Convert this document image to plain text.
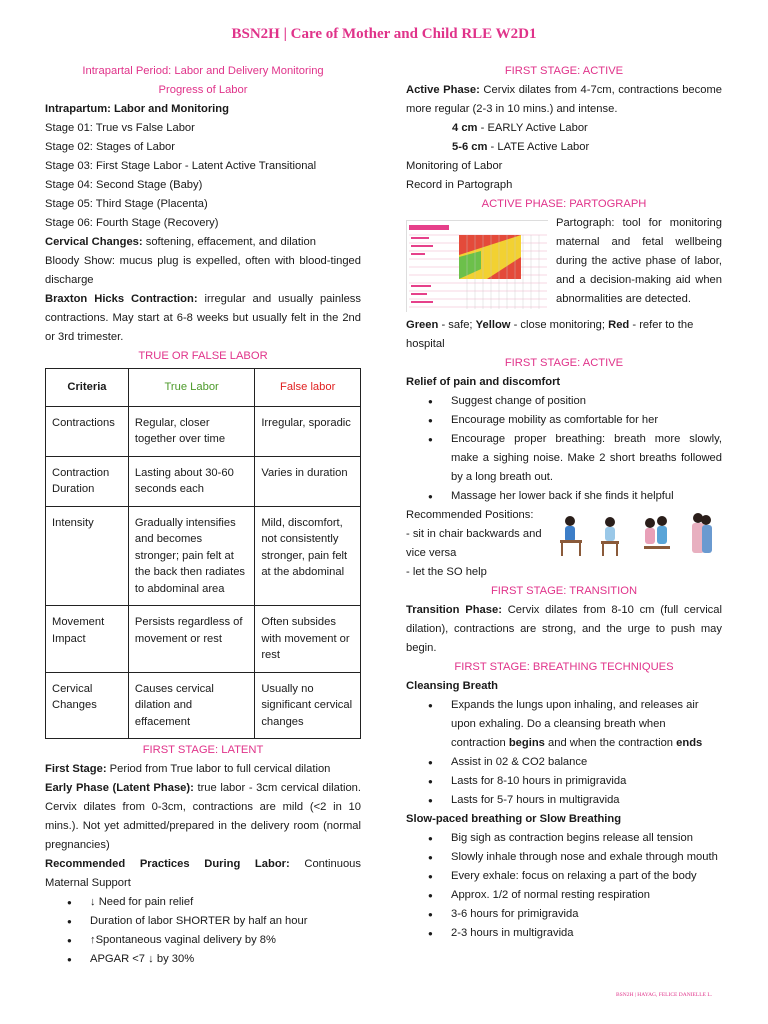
BSN2H | Care of Mother and Child RLE W2D1
Intrapartal Period: Labor and Delivery Monitoring
Progress of Labor
Intrapartum: Labor and Monitoring
Stage 01: True vs False Labor
Stage 02: Stages of Labor
Stage 03: First Stage Labor - Latent Active Transitional
Stage 04: Second Stage (Baby)
Stage 05: Third Stage (Placenta)
Stage 06: Fourth Stage (Recovery)
Cervical Changes: softening, effacement, and dilation
Bloody Show: mucus plug is expelled, often with blood-tinged discharge
Braxton Hicks Contraction: irregular and usually painless contractions. May start at 6-8 weeks but usually felt in the 2nd or 3rd trimester.
TRUE OR FALSE LABOR
Criteria	True Labor	False labor
Contractions	Regular, closer together over time	Irregular, sporadic
Contraction Duration	Lasting about 30-60 seconds each	Varies in duration
Intensity	Gradually intensifies and becomes stronger; pain felt at the back then radiates to abdominal area	Mild, discomfort, not consistently stronger, pain felt at the abdominal
Movement Impact	Persists regardless of movement or rest	Often subsides with movement or rest
Cervical Changes	Causes cervical dilation and effacement	Usually no significant cervical changes
FIRST STAGE: LATENT
First Stage: Period from True labor to full cervical dilation
Early Phase (Latent Phase): true labor - 3cm cervical dilation. Cervix dilates from 0-3cm, contractions are mild (<2 in 10 mins.). Not yet admitted/prepared in the delivery room (normal pregnancies)
Recommended Practices During Labor: Continuous Maternal Support
● ↓ Need for pain relief
● Duration of labor SHORTER by half an hour
● ↑Spontaneous vaginal delivery by 8%
● APGAR <7 ↓ by 30%
FIRST STAGE: ACTIVE
Active Phase: Cervix dilates from 4-7cm, contractions become more regular (2-3 in 10 mins.) and intense.
4 cm - EARLY Active Labor
5-6 cm - LATE Active Labor
Monitoring of Labor
Record in Partograph
ACTIVE PHASE: PARTOGRAPH
Partograph: tool for monitoring maternal and fetal wellbeing during the active phase of labor, and a decision-making aid when abnormalities are detected.
Green - safe; Yellow - close monitoring; Red - refer to the hospital
FIRST STAGE: ACTIVE
Relief of pain and discomfort
● Suggest change of position
● Encourage mobility as comfortable for her
● Encourage proper breathing: breath more slowly, make a sighing noise. Make 2 short breaths followed by a long breath out.
● Massage her lower back if she finds it helpful
Recommended Positions:
- sit in chair backwards and vice versa
- let the SO help
FIRST STAGE: TRANSITION
Transition Phase: Cervix dilates from 8-10 cm (full cervical dilation), contractions are strong, and the urge to push may begin.
FIRST STAGE: BREATHING TECHNIQUES
Cleansing Breath
● Expands the lungs upon inhaling, and releases air upon exhaling. Do a cleansing breath when contraction begins and when the contraction ends
● Assist in 02 & CO2 balance
● Lasts for 8-10 hours in primigravida
● Lasts for 5-7 hours in multigravida
Slow-paced breathing or Slow Breathing
● Big sigh as contraction begins release all tension
● Slowly inhale through nose and exhale through mouth
● Every exhale: focus on relaxing a part of the body
● Approx. 1/2 of normal resting respiration
● 3-6 hours for primigravida
● 2-3 hours in multigravida
BSN2H | HAYAG, FELICE DANIELLE L.
